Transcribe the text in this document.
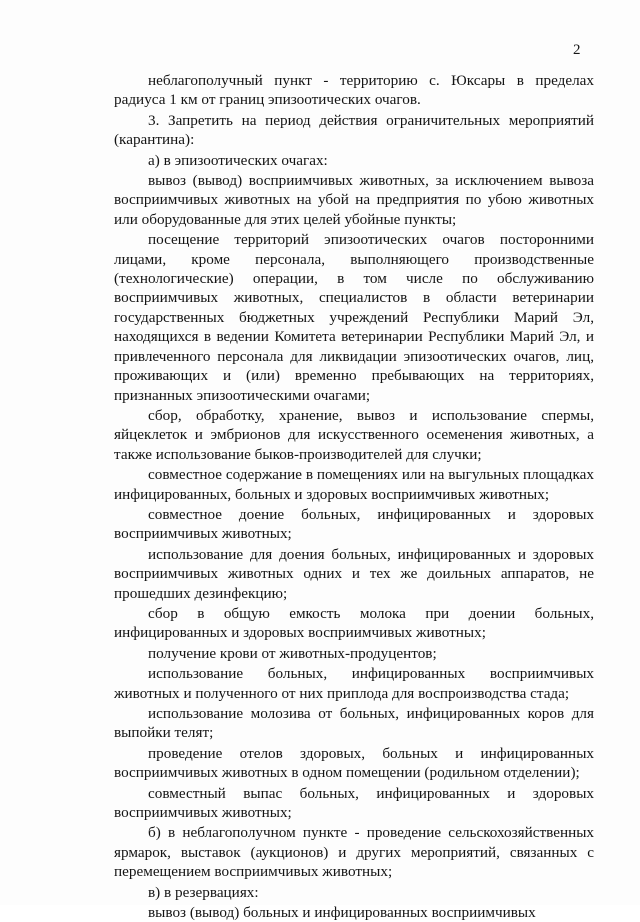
2

неблагополучный пункт - территорию с. Юксары в пределах радиуса 1 км от границ эпизоотических очагов.

3. Запретить на период действия ограничительных мероприятий (карантина):

а) в эпизоотических очагах:

вывоз (вывод) восприимчивых животных, за исключением вывоза восприимчивых животных на убой на предприятия по убою животных или оборудованные для этих целей убойные пункты;

посещение территорий эпизоотических очагов посторонними лицами, кроме персонала, выполняющего производственные (технологические) операции, в том числе по обслуживанию восприимчивых животных, специалистов в области ветеринарии государственных бюджетных учреждений Республики Марий Эл, находящихся в ведении Комитета ветеринарии Республики Марий Эл, и привлеченного персонала для ликвидации эпизоотических очагов, лиц, проживающих и (или) временно пребывающих на территориях, признанных эпизоотическими очагами;

сбор, обработку, хранение, вывоз и использование спермы, яйцеклеток и эмбрионов для искусственного осеменения животных, а также использование быков-производителей для случки;

совместное содержание в помещениях или на выгульных площадках инфицированных, больных и здоровых восприимчивых животных;

совместное доение больных, инфицированных и здоровых восприимчивых животных;

использование для доения больных, инфицированных и здоровых восприимчивых животных одних и тех же доильных аппаратов, не прошедших дезинфекцию;

сбор в общую емкость молока при доении больных, инфицированных и здоровых восприимчивых животных;

получение крови от животных-продуцентов;

использование больных, инфицированных восприимчивых животных и полученного от них приплода для воспроизводства стада;

использование молозива от больных, инфицированных коров для выпойки телят;

проведение отелов здоровых, больных и инфицированных восприимчивых животных в одном помещении (родильном отделении);

совместный выпас больных, инфицированных и здоровых восприимчивых животных;

б) в неблагополучном пункте - проведение сельскохозяйственных ярмарок, выставок (аукционов) и других мероприятий, связанных с перемещением восприимчивых животных;

в) в резервациях:

вывоз (вывод) больных и инфицированных восприимчивых
